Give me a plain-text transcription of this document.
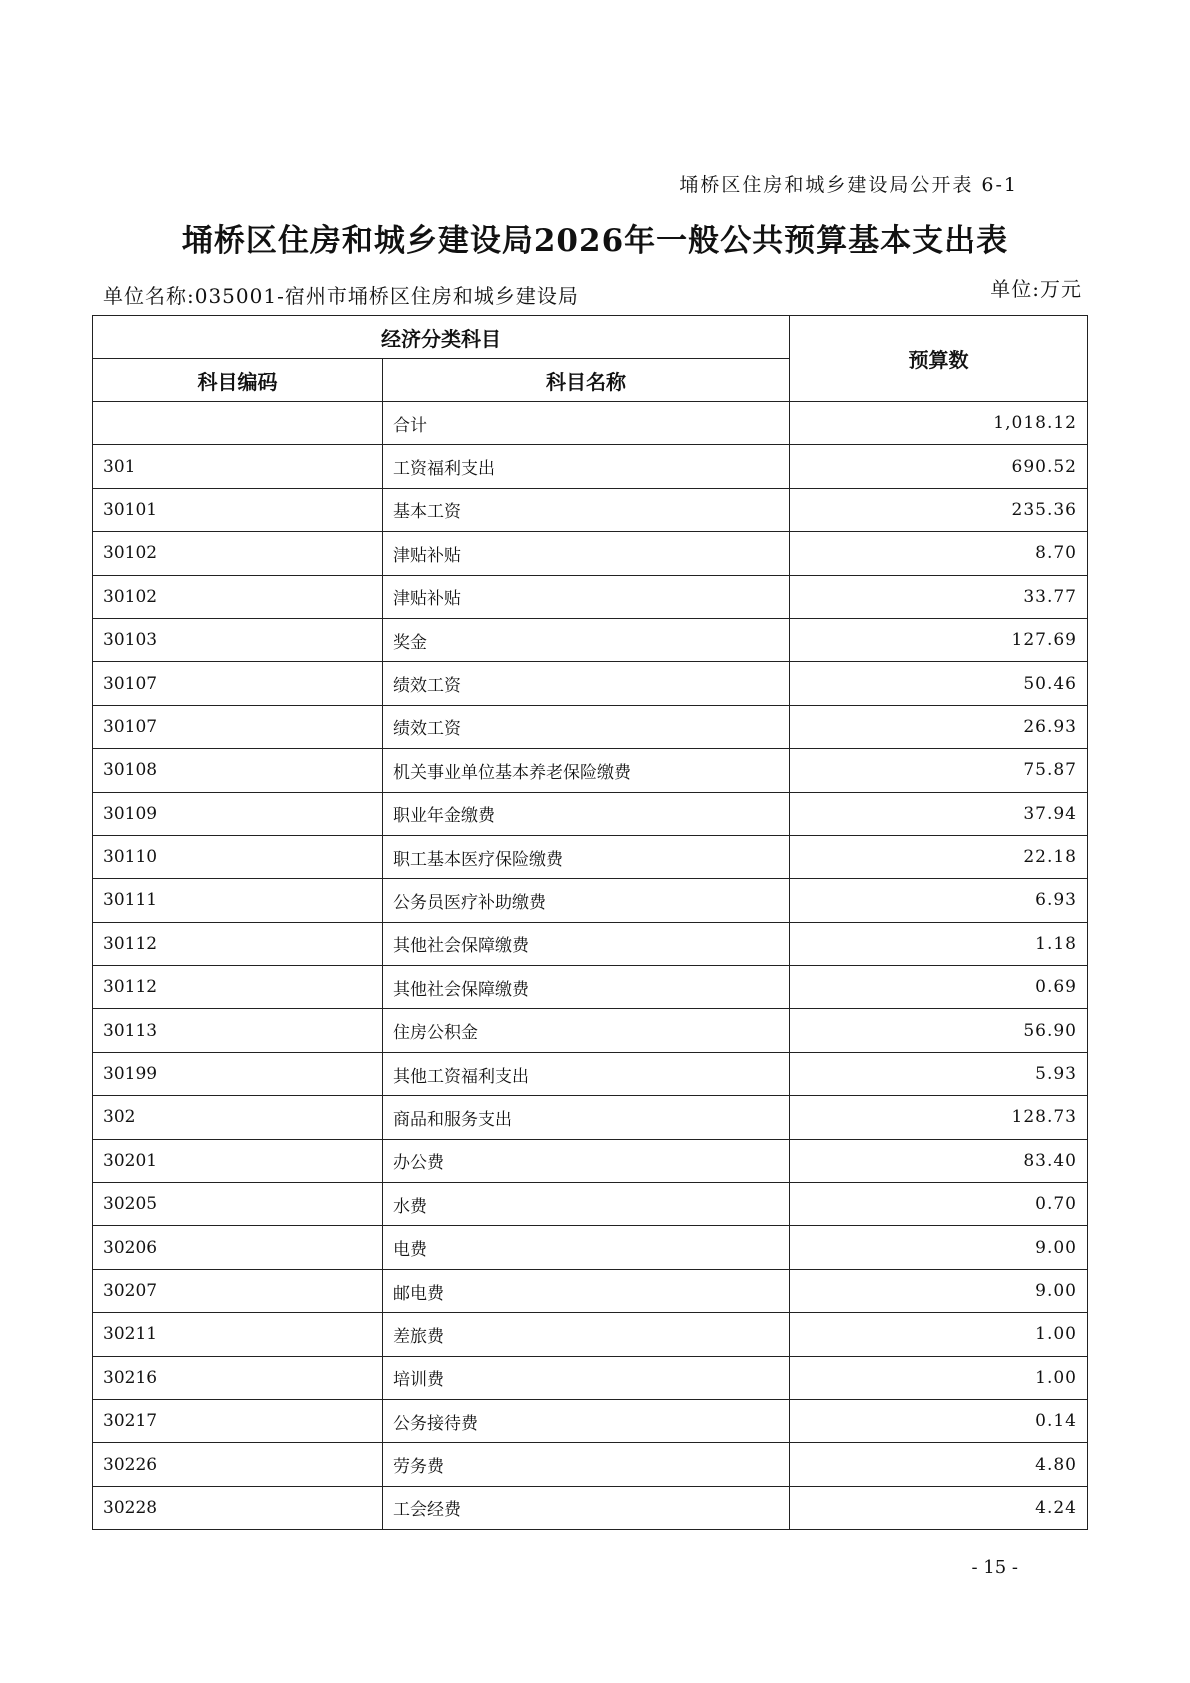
埇桥区住房和城乡建设局公开表 6-1
埇桥区住房和城乡建设局2026年一般公共预算基本支出表
单位名称:035001-宿州市埇桥区住房和城乡建设局	单位:万元
经济分类科目		预算数
科目编码	科目名称	
	合计	1,018.12
301	工资福利支出	690.52
30101	基本工资	235.36
30102	津贴补贴	8.70
30102	津贴补贴	33.77
30103	奖金	127.69
30107	绩效工资	50.46
30107	绩效工资	26.93
30108	机关事业单位基本养老保险缴费	75.87
30109	职业年金缴费	37.94
30110	职工基本医疗保险缴费	22.18
30111	公务员医疗补助缴费	6.93
30112	其他社会保障缴费	1.18
30112	其他社会保障缴费	0.69
30113	住房公积金	56.90
30199	其他工资福利支出	5.93
302	商品和服务支出	128.73
30201	办公费	83.40
30205	水费	0.70
30206	电费	9.00
30207	邮电费	9.00
30211	差旅费	1.00
30216	培训费	1.00
30217	公务接待费	0.14
30226	劳务费	4.80
30228	工会经费	4.24
- 15 -
